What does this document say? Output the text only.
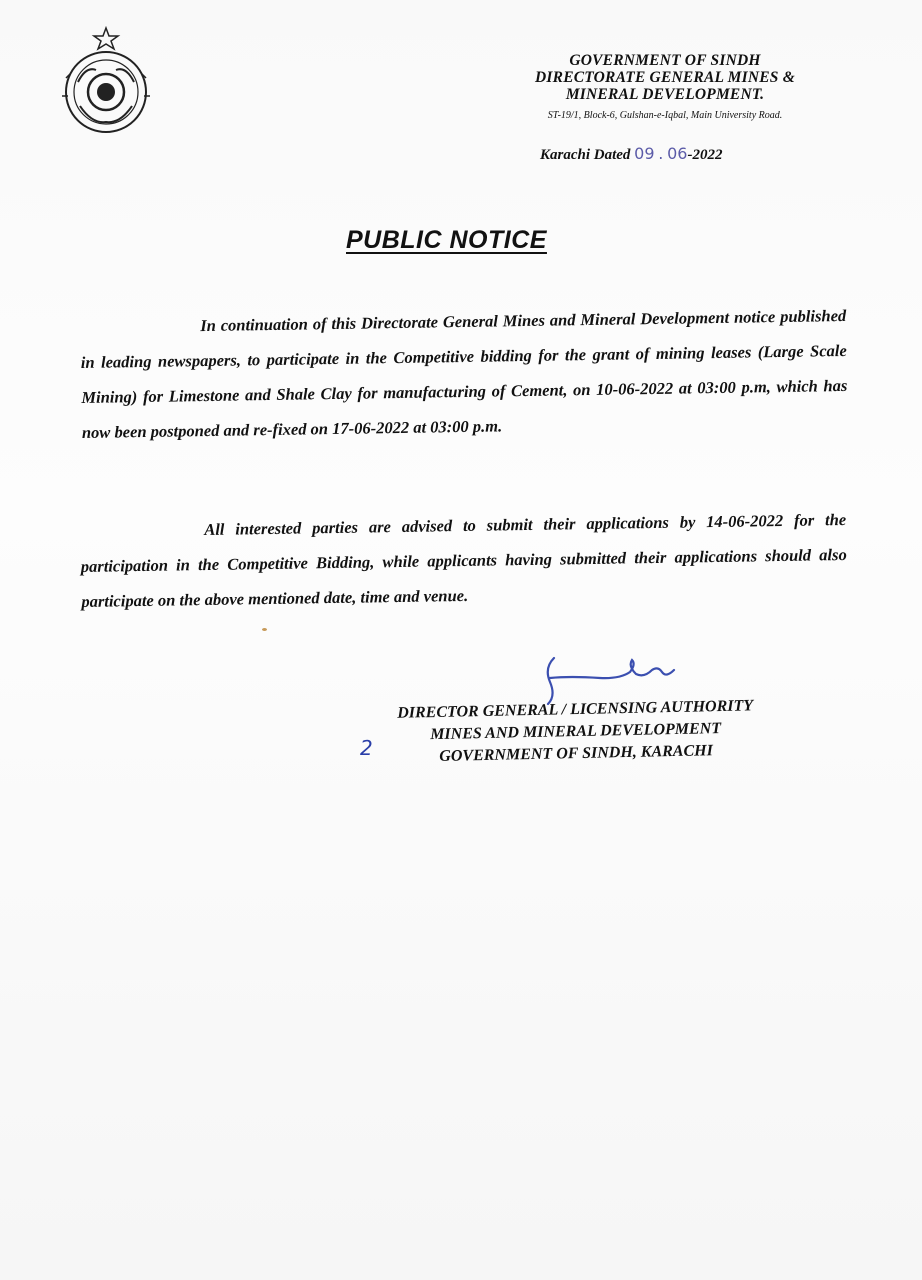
GOVERNMENT OF SINDH
DIRECTORATE GENERAL MINES &
MINERAL DEVELOPMENT.
ST-19/1, Block-6, Gulshan-e-Iqbal, Main University Road.
Karachi Dated 09 . 06-2022
PUBLIC NOTICE
In continuation of this Directorate General Mines and Mineral Development notice published in leading newspapers, to participate in the Competitive bidding for the grant of mining leases (Large Scale Mining) for Limestone and Shale Clay for manufacturing of Cement, on 10-06-2022 at 03:00 p.m, which has now been postponed and re-fixed on 17-06-2022 at 03:00 p.m.
All interested parties are advised to submit their applications by 14-06-2022 for the participation in the Competitive Bidding, while applicants having submitted their applications should also participate on the above mentioned date, time and venue.
2
DIRECTOR GENERAL / LICENSING AUTHORITY
MINES AND MINERAL DEVELOPMENT
GOVERNMENT OF SINDH, KARACHI
